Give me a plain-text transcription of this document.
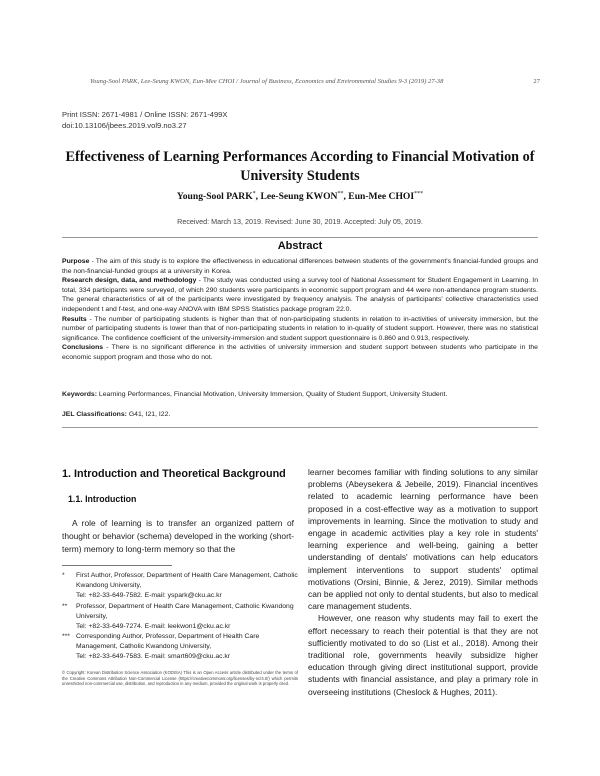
Young-Sool PARK, Lee-Seung KWON, Eun-Mee CHOI / Journal of Business, Economics and Environmental Studies 9-3 (2019) 27-38	27
Print ISSN: 2671-4981 / Online ISSN: 2671-499X
doi:10.13106/jbees.2019.vol9.no3.27
Effectiveness of Learning Performances According to Financial Motivation of
University Students
Young-Sool PARK*, Lee-Seung KWON**, Eun-Mee CHOI***
Received: March 13, 2019. Revised: June 30, 2019. Accepted: July 05, 2019.
Abstract
Purpose - The aim of this study is to explore the effectiveness in educational differences between students of the government's financial-funded groups and the non-financial-funded groups at a university in Korea.
Research design, data, and methodology - The study was conducted using a survey tool of National Assessment for Student Engagement in Learning. In total, 334 participants were surveyed, of which 290 students were participants in economic support program and 44 were non-attendance program students. The general characteristics of all of the participants were investigated by frequency analysis. The analysis of participants' collective characteristics used independent t and f-test, and one-way ANOVA with IBM SPSS Statistics package program 22.0.
Results - The number of participating students is higher than that of non-participating students in relation to in-activities of university immersion, but the number of participating students is lower than that of non-participating students in relation to in-quality of student support. However, there was no statistical significance. The confidence coefficient of the university-immersion and student support questionnaire is 0.860 and 0.913, respectively.
Conclusions - There is no significant difference in the activities of university immersion and student support between students who participate in the economic support program and those who do not.
Keywords: Learning Performances, Financial Motivation, University Immersion, Quality of Student Support, University Student.
JEL Classifications: G41, I21, I22.
1. Introduction and Theoretical Background
1.1. Introduction
A role of learning is to transfer an organized pattern of thought or behavior (schema) developed in the working (short-term) memory to long-term memory so that the
* First Author, Professor, Department of Health Care Management, Catholic Kwandong University,
Tel: +82-33-649-7582. E-mail: yspark@cku.ac.kr
** Professor, Department of Health Care Management, Catholic Kwandong University,
Tel: +82-33-649-7274. E-mail: leekwon1@cku.ac.kr
*** Corresponding Author, Professor, Department of Health Care Management, Catholic Kwandong University,
Tel: +82-33-649-7583. E-mail: smart609@cku.ac.kr
© Copyright: Korean Distribution Science Association (KODISA) This is an Open Access article distributed under the terms of the Creative Commons Attribution Non-Commercial License (https://creativecommons.org/licenses/by-nc/4.0/) which permits unrestricted non-commercial use, distribution, and reproduction in any medium, provided the original work is properly cited.

learner becomes familiar with finding solutions to any similar problems (Abeysekera & Jebeile, 2019). Financial incentives related to academic learning performance have been proposed in a cost-effective way as a motivation to support improvements in learning. Since the motivation to study and engage in academic activities play a key role in students' learning experience and well-being, gaining a better understanding of dentals' motivations can help educators implement interventions to support students' optimal motivations (Orsini, Binnie, & Jerez, 2019). Similar methods can be applied not only to dental students, but also to medical care management students.

However, one reason why students may fail to exert the effort necessary to reach their potential is that they are not sufficiently motivated to do so (List et al., 2018). Among their traditional role, governments heavily subsidize higher education through giving direct institutional support, provide students with financial assistance, and play a primary role in overseeing institutions (Cheslock & Hughes, 2011).
